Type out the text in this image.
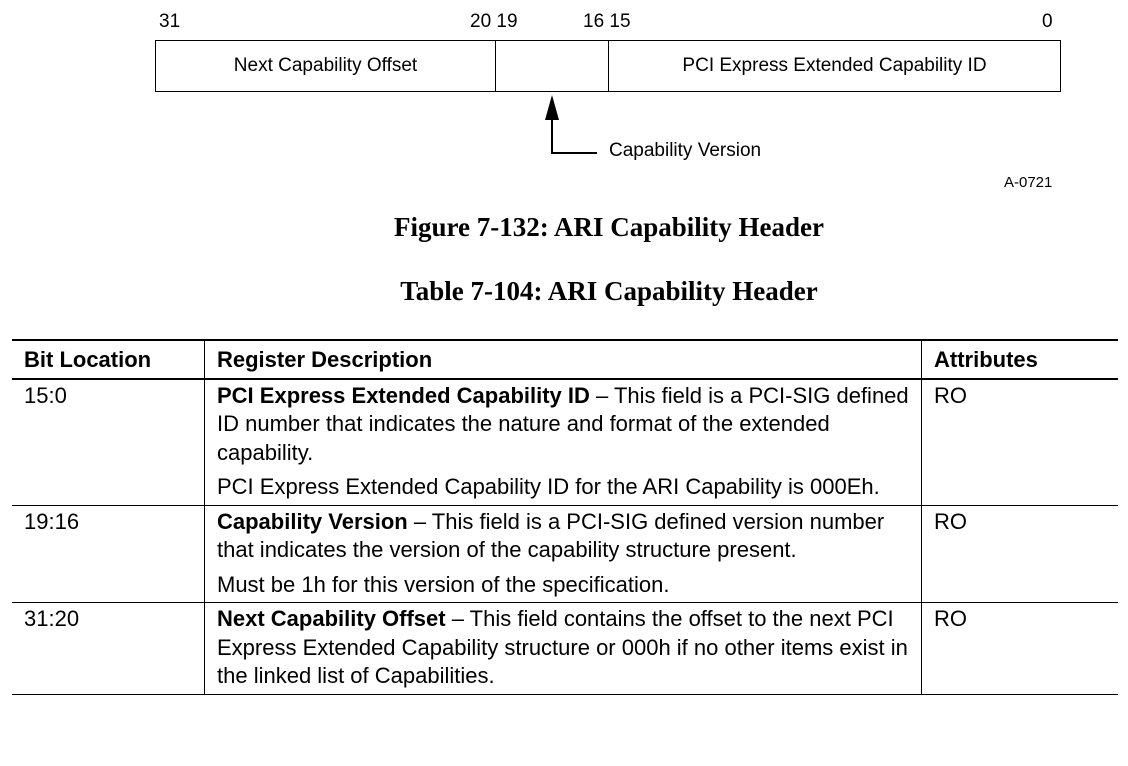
31	20 19	16 15	0
Next Capability Offset	PCI Express Extended Capability ID
Capability Version
A-0721
Figure 7-132: ARI Capability Header
Table 7-104: ARI Capability Header
Bit Location	Register Description	Attributes
15:0	PCI Express Extended Capability ID – This field is a PCI-SIG defined ID number that indicates the nature and format of the extended capability.

PCI Express Extended Capability ID for the ARI Capability is 000Eh.	RO
19:16	Capability Version – This field is a PCI-SIG defined version number that indicates the version of the capability structure present.

Must be 1h for this version of the specification.	RO
31:20	Next Capability Offset – This field contains the offset to the next PCI Express Extended Capability structure or 000h if no other items exist in the linked list of Capabilities.	RO
